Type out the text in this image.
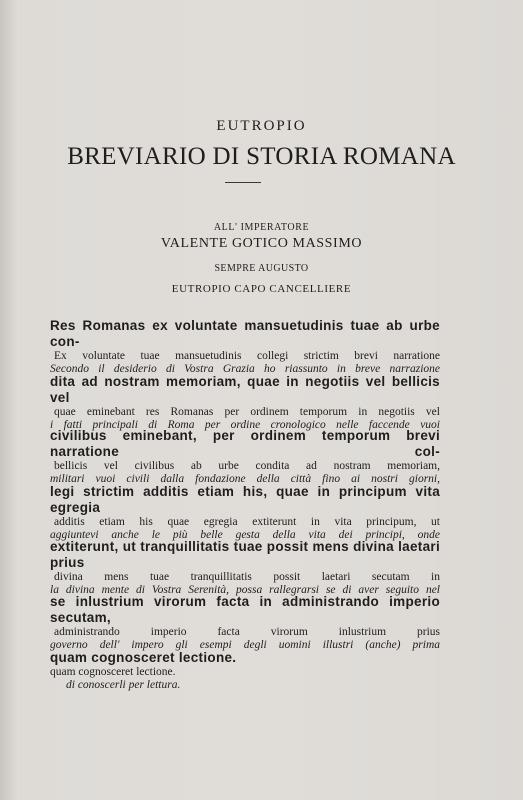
EUTROPIO
BREVIARIO DI STORIA ROMANA
ALL' IMPERATORE
VALENTE GOTICO MASSIMO
SEMPRE AUGUSTO
EUTROPIO CAPO CANCELLIERE
Res Romanas ex voluntate mansuetudinis tuae ab urbe con-
Ex voluntate tuae mansuetudinis collegi strictim brevi narratione
Secondo il desiderio di Vostra Grazia ho riassunto in breve narrazione
dita ad nostram memoriam, quae in negotiis vel bellicis vel
quae eminebant res Romanas per ordinem temporum in negotiis vel
i fatti principali di Roma per ordine cronologico nelle faccende vuoi
civilibus eminebant, per ordinem temporum brevi narratione col-
bellicis vel civilibus ab urbe condita ad nostram memoriam,
militari vuoi civili dalla fondazione della città fino ai nostri giorni,
legi strictim additis etiam his, quae in principum vita egregia
additis etiam his quae egregia extiterunt in vita principum, ut
aggiuntevi anche le più belle gesta della vita dei principi, onde
extiterunt, ut tranquillitatis tuae possit mens divina laetari prius
divina mens tuae tranquillitatis possit laetari secutam in
la divina mente di Vostra Serenità, possa rallegrarsi se di aver seguito nel
se inlustrium virorum facta in administrando imperio secutam,
administrando imperio facta virorum inlustrium prius
governo dell' impero gli esempi degli uomini illustri (anche) prima
quam cognosceret lectione.
quam cognosceret lectione.
di conoscerli per lettura.
